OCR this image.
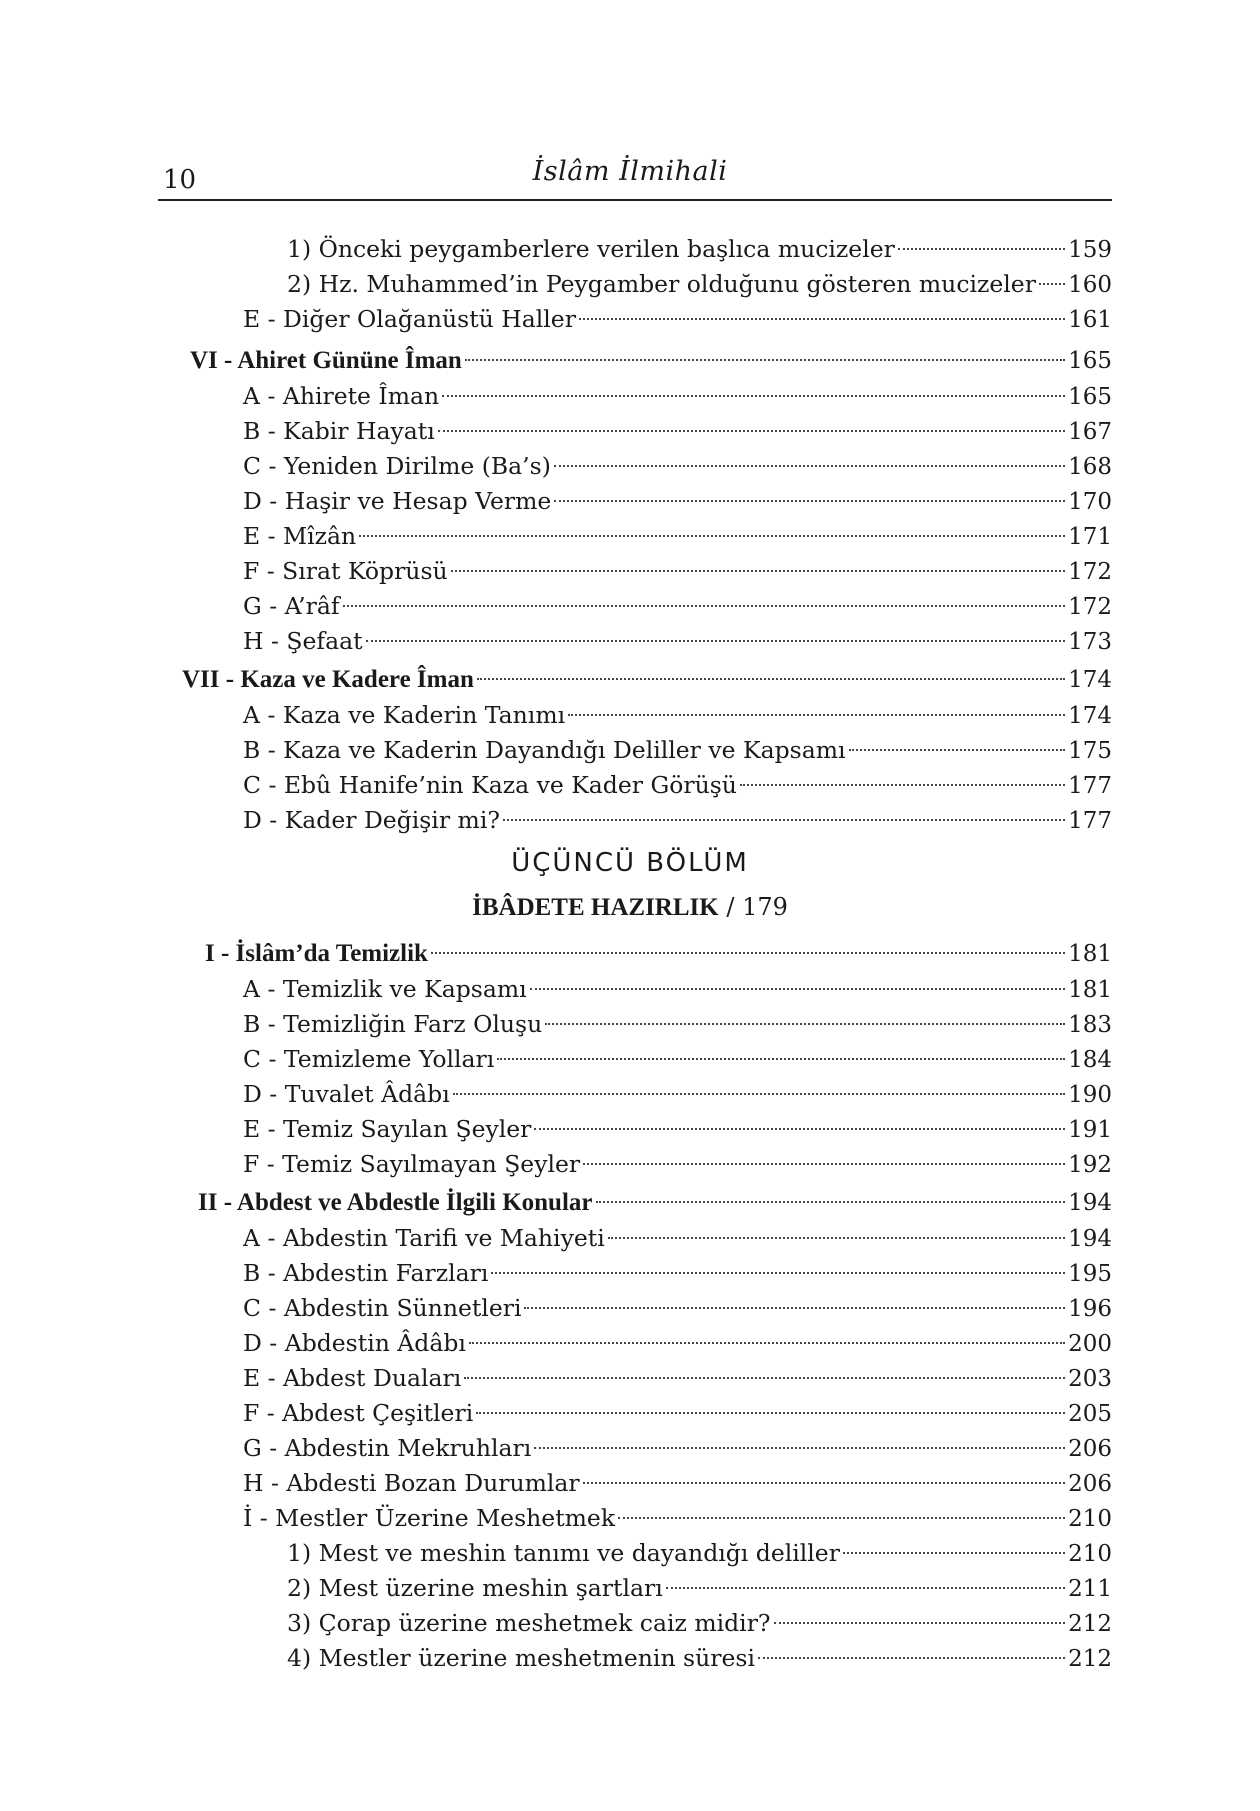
10	İslâm İlmihali
1) Önceki peygamberlere verilen başlıca mucizeler	159
2) Hz. Muhammed’in Peygamber olduğunu gösteren mucizeler 160
E - Diğer Olağanüstü Haller	161
VI - Ahiret Gününe Îman	165
A - Ahirete Îman	165
B - Kabir Hayatı	167
C - Yeniden Dirilme (Ba’s)	168
D - Haşir ve Hesap Verme	170
E - Mîzân	171
F - Sırat Köprüsü	172
G - A’râf	172
H - Şefaat	173
VII - Kaza ve Kadere Îman	174
A - Kaza ve Kaderin Tanımı	174
B - Kaza ve Kaderin Dayandığı Deliller ve Kapsamı	175
C - Ebû Hanife’nin Kaza ve Kader Görüşü	177
D - Kader Değişir mi?	177
ÜÇÜNCÜ BÖLÜM
İBÂDETE HAZIRLIK / 179
I - İslâm’da Temizlik	181
A - Temizlik ve Kapsamı	181
B - Temizliğin Farz Oluşu	183
C - Temizleme Yolları	184
D - Tuvalet Âdâbı	190
E - Temiz Sayılan Şeyler	191
F - Temiz Sayılmayan Şeyler	192
II - Abdest ve Abdestle İlgili Konular	194
A - Abdestin Tarifi ve Mahiyeti	194
B - Abdestin Farzları	195
C - Abdestin Sünnetleri	196
D - Abdestin Âdâbı	200
E - Abdest Duaları	203
F - Abdest Çeşitleri	205
G - Abdestin Mekruhları	206
H - Abdesti Bozan Durumlar	206
İ - Mestler Üzerine Meshetmek	210
1) Mest ve meshin tanımı ve dayandığı deliller	210
2) Mest üzerine meshin şartları	211
3) Çorap üzerine meshetmek caiz midir?	212
4) Mestler üzerine meshetmenin süresi	212
